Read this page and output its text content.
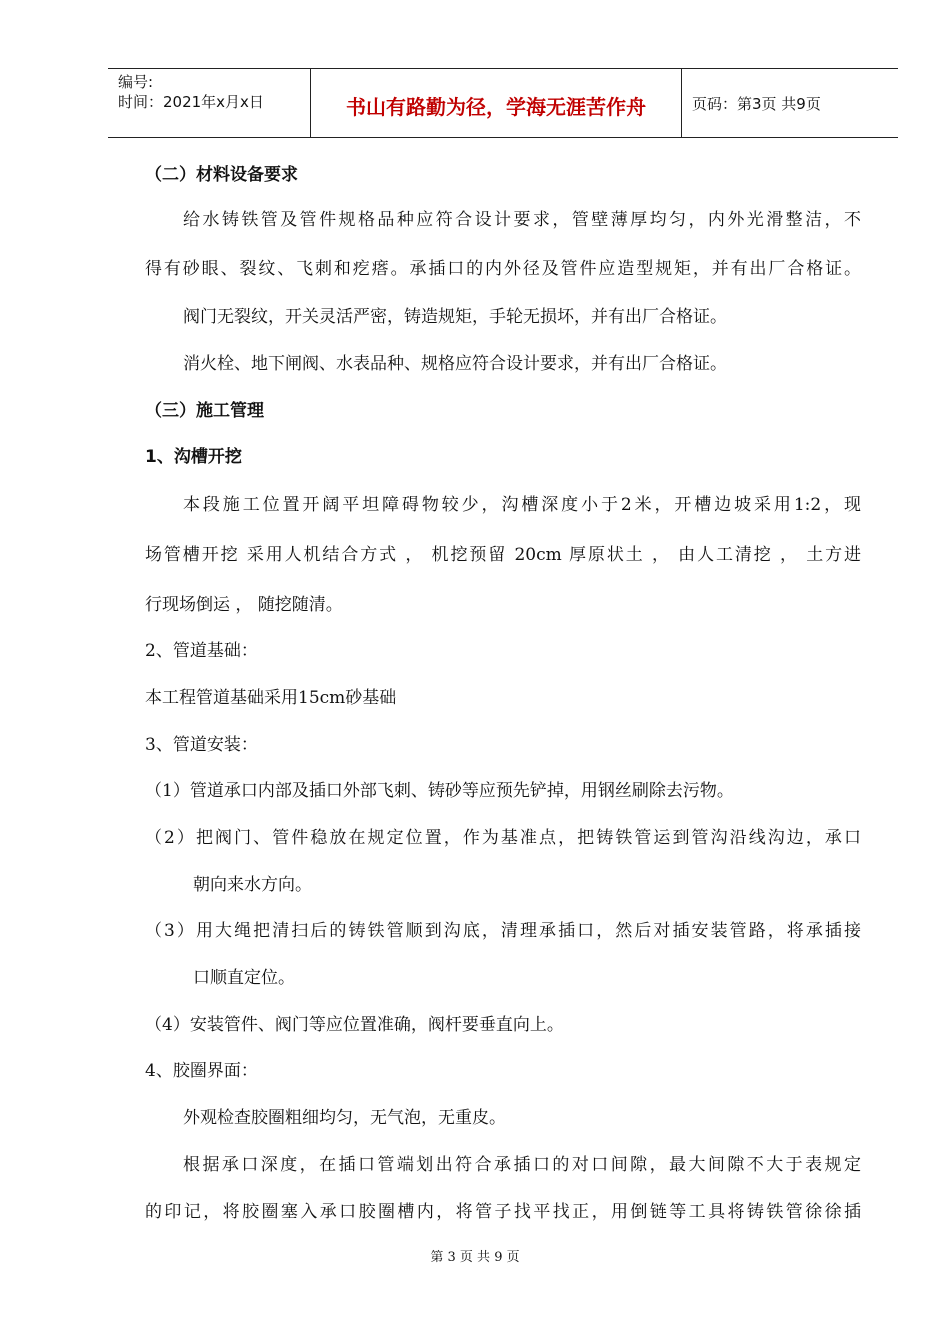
编号:
时间：2021年x月x日	书山有路勤为径，学海无涯苦作舟	页码：第3页 共9页
（二）材料设备要求
给水铸铁管及管件规格品种应符合设计要求，管壁薄厚均匀，内外光滑整洁，不
得有砂眼、裂纹、飞刺和疙瘩。承插口的内外径及管件应造型规矩，并有出厂合格证。
阀门无裂纹，开关灵活严密，铸造规矩，手轮无损坏，并有出厂合格证。
消火栓、地下闸阀、水表品种、规格应符合设计要求，并有出厂合格证。
（三）施工管理
1、沟槽开挖
本段施工位置开阔平坦障碍物较少，沟槽深度小于2米，开槽边坡采用1:2，现
场管槽开挖 采用人机结合方式 ， 机挖预留 20cm 厚原状土 ， 由人工清挖 ， 土方进
行现场倒运 ， 随挖随清。
2、管道基础：
本工程管道基础采用15cm砂基础
3、管道安装：
（1）管道承口内部及插口外部飞刺、铸砂等应预先铲掉，用钢丝刷除去污物。
（2）把阀门、管件稳放在规定位置，作为基准点，把铸铁管运到管沟沿线沟边，承口
朝向来水方向。
（3）用大绳把清扫后的铸铁管顺到沟底，清理承插口，然后对插安装管路，将承插接
口顺直定位。
（4）安装管件、阀门等应位置准确，阀杆要垂直向上。
4、胶圈界面：
外观检查胶圈粗细均匀，无气泡，无重皮。
根据承口深度，在插口管端划出符合承插口的对口间隙，最大间隙不大于表规定
的印记，将胶圈塞入承口胶圈槽内，将管子找平找正，用倒链等工具将铸铁管徐徐插
第 3 页 共 9 页
